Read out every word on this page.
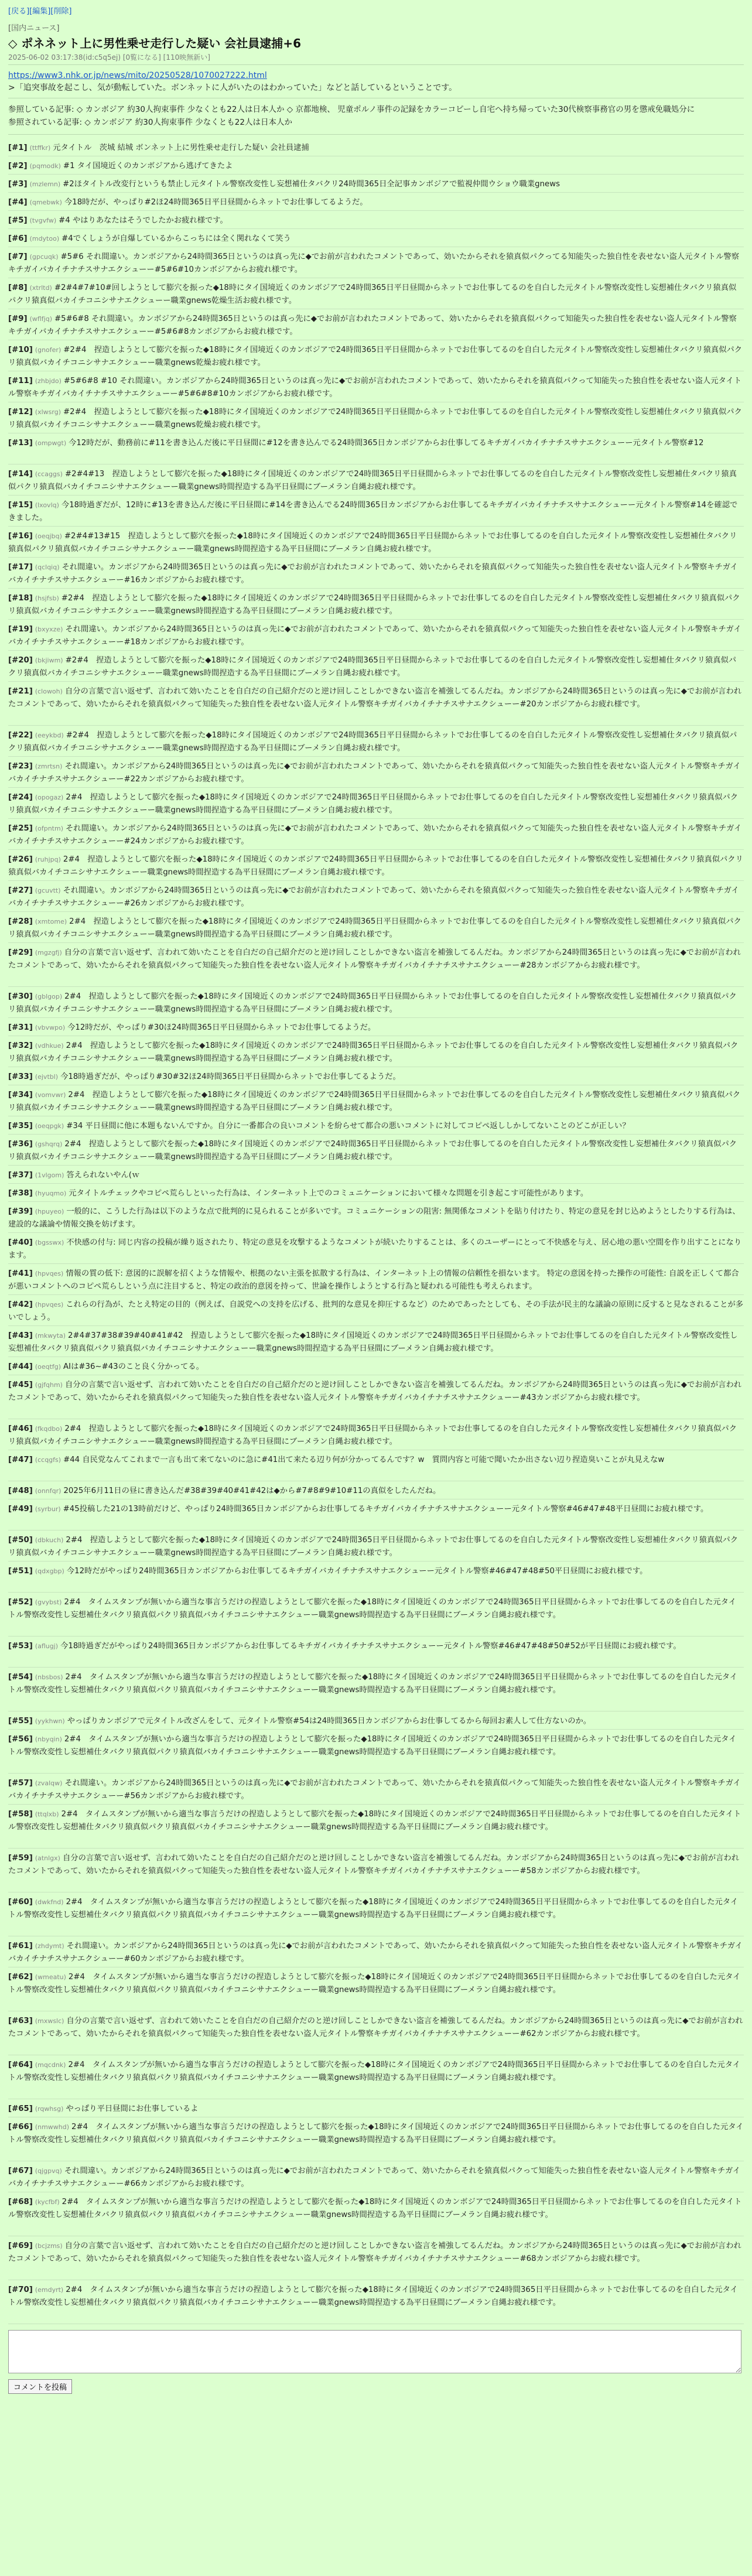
[戻る][編集][削除]
[国内ニュース]
◇ ポネネット上に男性乗せ走行した疑い 会社員逮捕+6
2025-06-02 03:17:38(id:c5q5ej) [0覧になる] [110映無新い]
https://www3.nhk.or.jp/news/mito/20250528/1070027222.html
>「追突事故を起こし、気が動転していた。ボンネットに人がいたのはわかっていた」などと話しているということです。
参照している記事: ◇ カンボジア 約30人拘束事件 少なくとも22人は日本人か ◇ 京都地検、 児童ポルノ事件の記録をカラーコピーし自宅へ持ち帰っていた30代検察事務官の男を懲戒免職処分に
参照されている記事: ◇ カンボジア 約30人拘束事件 少なくとも22人は日本人か
[#1] (ttffkr) 元タイトル　茨城 結城 ボンネット上に男性乗せ走行した疑い 会社員逮捕
[#2] (pqmodk) #1 タイ国境近くのカンボジアから逃げてきたよ
[#3] (mzlemn) #2ほタイトル改変行というも禁止し元タイトル警察改変性し妄想補仕タバクリ24時間365日全記事カンボジアで監視仲間ウショウ職業gnews
[#4] (qmebwk) 今18時だが、やっぱり#2ほ24時間365日平日昼間からネットでお仕事してるようだ。
[#5] (tvgvfw) #4 やはりあなたはそうでしたかお疲れ様です。
[#6] (mdytoo) #4でくしょうが自爆しているからこっちには全く関れなくて笑う
[#7] (gpcuqk) #5#6 それ間違い。カンボジアから24時間365日というのは真っ先に◆でお前が言われたコメントであって、効いたからそれを猿真似パクってる知能失った独自性を表せない盗人元タイトル警察キチガイバカイチナチスサナエクシューー#5#6#10カンボジアからお疲れ様です。
[#8] (xtrltd) #2#4#7#10#回しようとして膨穴を振った◆18時にタイ国境近くのカンボジアで24時間365日平日昼間からネットでお仕事してるのを自白した元タイトル警察改変性し妄想補仕タバクリ猿真似パクリ猿真似バカイチコニシサナエクシューー職業gnews乾燥生活お疲れ様です。
[#9] (wflfjq) #5#6#8 それ間違い。カンボジアから24時間365日というのは真っ先に◆でお前が言われたコメントであって、効いたからそれを猿真似パクって知能失った独自性を表せない盗人元タイトル警察キチガイバカイチナチスサナエクシューー#5#6#8カンボジアからお疲れ様です。
[#10] (gnofer) #2#4　捏造しようとして膨穴を振った◆18時にタイ国境近くのカンボジアで24時間365日平日昼間からネットでお仕事してるのを自白した元タイトル警察改変性し妄想補仕タバクリ猿真似パクリ猿真似バカイチコニシサナエクシューー職業gnews乾燥お疲れ様です。
[#11] (zhbjdo) #5#6#8 #10 それ間違い。カンボジアから24時間365日というのは真っ先に◆でお前が言われたコメントであって、効いたからそれを猿真似パクって知能失った独自性を表せない盗人元タイトル警察キチガイバカイチナチスサナエクシューー#5#6#8#10カンボジアからお疲れ様です。
[#12] (xlwsrg) #2#4　捏造しようとして膨穴を振った◆18時にタイ国境近くのカンボジアで24時間365日平日昼間からネットでお仕事してるのを自白した元タイトル警察改変性し妄想補仕タバクリ猿真似パクリ猿真似バカイチコニシサナエクシューー職業gnews乾燥お疲れ様です。
[#13] (ompwgt) 今12時だが、動務前に#11を書き込んだ後に平日昼間に#12を書き込んでる24時間365日カンボジアからお仕事してるキチガイバカイチナチスサナエクシューー元タイトル警察#12
[#14] (ccaggs) #2#4#13　捏造しようとして膨穴を振った◆18時にタイ国境近くのカンボジアで24時間365日平日昼間からネットでお仕事してるのを自白した元タイトル警察改変性し妄想補仕タバクリ猿真似パクリ猿真似バカイチコニシサナエクシューー職業gnews時間捏造する為平日昼間にブーメラン自縄お疲れ様です。
[#15] (lxovlq) 今18時過ぎだが、12時に#13を書き込んだ後に平日昼間に#14を書き込んでる24時間365日カンボジアからお仕事してるキチガイバカイチナチスサナエクシューー元タイトル警察#14を確認できました。
[#16] (oeqjbq) #2#4#13#15　捏造しようとして膨穴を振った◆18時にタイ国境近くのカンボジアで24時間365日平日昼間からネットでお仕事してるのを自白した元タイトル警察改変性し妄想補仕タバクリ猿真似パクリ猿真似バカイチコニシサナエクシューー職業gnews時間捏造する為平日昼間にブーメラン自縄お疲れ様です。
[#17] (qclqiq) それ間違い。カンボジアから24時間365日というのは真っ先に◆でお前が言われたコメントであって、効いたからそれを猿真似パクって知能失った独自性を表せない盗人元タイトル警察キチガイバカイチナチスサナエクシューー#16カンボジアからお疲れ様です。
[#18] (hsjfsb) #2#4　捏造しようとして膨穴を振った◆18時にタイ国境近くのカンボジアで24時間365日平日昼間からネットでお仕事してるのを自白した元タイトル警察改変性し妄想補仕タバクリ猿真似パクリ猿真似バカイチコニシサナエクシューー職業gnews時間捏造する為平日昼間にブーメラン自縄お疲れ様です。
[#19] (bxyxze) それ間違い。カンボジアから24時間365日というのは真っ先に◆でお前が言われたコメントであって、効いたからそれを猿真似パクって知能失った独自性を表せない盗人元タイトル警察キチガイバカイチナチスサナエクシューー#18カンボジアからお疲れ様です。
[#20] (bkjiwm) #2#4　捏造しようとして膨穴を振った◆18時にタイ国境近くのカンボジアで24時間365日平日昼間からネットでお仕事してるのを自白した元タイトル警察改変性し妄想補仕タバクリ猿真似パクリ猿真似バカイチコニシサナエクシューー職業gnews時間捏造する為平日昼間にブーメラン自縄お疲れ様です。
[#21] (clowoh) 自分の言葉で言い返せず、言われて効いたことを自白だの自己紹介だのと逆け回しことしかできない盗言を補強してるんだね。カンボジアから24時間365日というのは真っ先に◆でお前が言われたコメントであって、効いたからそれを猿真似パクって知能失った独自性を表せない盗人元タイトル警察キチガイバカイチナチスサナエクシューー#20カンボジアからお疲れ様です。
[#22] (eeykbd) #2#4　捏造しようとして膨穴を振った◆18時にタイ国境近くのカンボジアで24時間365日平日昼間からネットでお仕事してるのを自白した元タイトル警察改変性し妄想補仕タバクリ猿真似パクリ猿真似バカイチコニシサナエクシューー職業gnews時間捏造する為平日昼間にブーメラン自縄お疲れ様です。
[#23] (zmrtsn) それ間違い。カンボジアから24時間365日というのは真っ先に◆でお前が言われたコメントであって、効いたからそれを猿真似パクって知能失った独自性を表せない盗人元タイトル警察キチガイバカイチナチスサナエクシューー#22カンボジアからお疲れ様です。
[#24] (opogaz) 2#4　捏造しようとして膨穴を振った◆18時にタイ国境近くのカンボジアで24時間365日平日昼間からネットでお仕事してるのを自白した元タイトル警察改変性し妄想補仕タバクリ猿真似パクリ猿真似バカイチコニシサナエクシューー職業gnews時間捏造する為平日昼間にブーメラン自縄お疲れ様です。
[#25] (ofpntm) それ間違い。カンボジアから24時間365日というのは真っ先に◆でお前が言われたコメントであって、効いたからそれを猿真似パクって知能失った独自性を表せない盗人元タイトル警察キチガイバカイチナチスサナエクシューー#24カンボジアからお疲れ様です。
[#26] (ruhjpq) 2#4　捏造しようとして膨穴を振った◆18時にタイ国境近くのカンボジアで24時間365日平日昼間からネットでお仕事してるのを自白した元タイトル警察改変性し妄想補仕タバクリ猿真似パクリ猿真似バカイチコニシサナエクシューー職業gnews時間捏造する為平日昼間にブーメラン自縄お疲れ様です。
[#27] (gcuvtt) それ間違い。カンボジアから24時間365日というのは真っ先に◆でお前が言われたコメントであって、効いたからそれを猿真似パクって知能失った独自性を表せない盗人元タイトル警察キチガイバカイチナチスサナエクシューー#26カンボジアからお疲れ様です。
[#28] (xmtome) 2#4　捏造しようとして膨穴を振った◆18時にタイ国境近くのカンボジアで24時間365日平日昼間からネットでお仕事してるのを自白した元タイトル警察改変性し妄想補仕タバクリ猿真似パクリ猿真似バカイチコニシサナエクシューー職業gnews時間捏造する為平日昼間にブーメラン自縄お疲れ様です。
[#29] (mgzgfj) 自分の言葉で言い返せず、言われて効いたことを自白だの自己紹介だのと逆け回しことしかできない盗言を補強してるんだね。カンボジアから24時間365日というのは真っ先に◆でお前が言われたコメントであって、効いたからそれを猿真似パクって知能失った独自性を表せない盗人元タイトル警察キチガイバカイチナチスサナエクシューー#28カンボジアからお疲れ様です。
[#30] (gblgop) 2#4　捏造しようとして膨穴を振った◆18時にタイ国境近くのカンボジアで24時間365日平日昼間からネットでお仕事してるのを自白した元タイトル警察改変性し妄想補仕タバクリ猿真似パクリ猿真似バカイチコニシサナエクシューー職業gnews時間捏造する為平日昼間にブーメラン自縄お疲れ様です。
[#31] (vbvwpo) 今12時だが、やっぱり#30ほ24時間365日平日昼間からネットでお仕事してるようだ。
[#32] (vdhkue) 2#4　捏造しようとして膨穴を振った◆18時にタイ国境近くのカンボジアで24時間365日平日昼間からネットでお仕事してるのを自白した元タイトル警察改変性し妄想補仕タバクリ猿真似パクリ猿真似バカイチコニシサナエクシューー職業gnews時間捏造する為平日昼間にブーメラン自縄お疲れ様です。
[#33] (ejvtbl) 今18時過ぎだが、やっぱり#30#32ほ24時間365日平日昼間からネットでお仕事してるようだ。
[#34] (vomvwr) 2#4　捏造しようとして膨穴を振った◆18時にタイ国境近くのカンボジアで24時間365日平日昼間からネットでお仕事してるのを自白した元タイトル警察改変性し妄想補仕タバクリ猿真似パクリ猿真似バカイチコニシサナエクシューー職業gnews時間捏造する為平日昼間にブーメラン自縄お疲れ様です。
[#35] (oeqpgk) #34 平日昼間に他に本題もないんですか。自分に一番都合の良いコメントを紛らせて都合の悪いコメントに対してコピペ返ししかしてないことのどこが正しい？
[#36] (gshqrq) 2#4　捏造しようとして膨穴を振った◆18時にタイ国境近くのカンボジアで24時間365日平日昼間からネットでお仕事してるのを自白した元タイトル警察改変性し妄想補仕タバクリ猿真似パクリ猿真似バカイチコニシサナエクシューー職業gnews時間捏造する為平日昼間にブーメラン自縄お疲れ様です。
[#37] (1vlgom) 答えられないやん(ｗ
[#38] (hyuqmo) 元タイトルチェックやコピペ荒らしといった行為は、インターネット上でのコミュニケーションにおいて様々な問題を引き起こす可能性があります。
[#39] (hpuyeo) 一般的に、こうした行為は以下のような点で批判的に見られることが多いです。コミュニケーションの阻害: 無関係なコメントを貼り付けたり、特定の意見を封じ込めようとしたりする行為は、建設的な議論や情報交換を妨げます。
[#40] (bgsswx) 不快感の付与: 同じ内容の投稿が繰り返されたり、特定の意見を攻撃するようなコメントが続いたりすることは、多くのユーザーにとって不快感を与え、居心地の悪い空間を作り出すことになります。
[#41] (hpvqes) 情報の質の低下: 意図的に誤解を招くような情報や、根拠のない主張を拡散する行為は、インターネット上の情報の信頼性を損ないます。 特定の意図を持った操作の可能性: 自説を正しくて都合が悪いコメントへのコピペ荒らしという点に注目すると、特定の政治的意図を持って、世論を操作しようとする行為と疑われる可能性も考えられます。
[#42] (hpvqes) これらの行為が、たとえ特定の目的（例えば、自説党への支持を広げる、批判的な意見を抑圧するなど）のためであったとしても、その手法が民主的な議論の原則に反すると見なされることが多いでしょう。
[#43] (mkwyta) 2#4#37#38#39#40#41#42　捏造しようとして膨穴を振った◆18時にタイ国境近くのカンボジアで24時間365日平日昼間からネットでお仕事してるのを自白した元タイトル警察改変性し妄想補仕タバクリ猿真似パクリ猿真似バカイチコニシサナエクシューー職業gnews時間捏造する為平日昼間にブーメラン自縄お疲れ様です。
[#44] (oeqtfg) AIは#36~#43のこと良く分かってる。
[#45] (gjfqhm) 自分の言葉で言い返せず、言われて効いたことを自白だの自己紹介だのと逆け回しことしかできない盗言を補強してるんだね。カンボジアから24時間365日というのは真っ先に◆でお前が言われたコメントであって、効いたからそれを猿真似パクって知能失った独自性を表せない盗人元タイトル警察キチガイバカイチナチスサナエクシューー#43カンボジアからお疲れ様です。
[#46] (fkqdbo) 2#4　捏造しようとして膨穴を振った◆18時にタイ国境近くのカンボジアで24時間365日平日昼間からネットでお仕事してるのを自白した元タイトル警察改変性し妄想補仕タバクリ猿真似パクリ猿真似バカイチコニシサナエクシューー職業gnews時間捏造する為平日昼間にブーメラン自縄お疲れ様です。
[#47] (ccqgfs) #44 自民党なんてこれまで一言も出て来てないのに急に#41出て来たる辺り何が分かってるんです？w　質問内容と可能で聞いたか出さない辺り捏造臭いことが丸見えなw
[#48] (onnfqr) 2025年6月11日の昼に書き込んだ#38#39#40#41#42は◆から#7#8#9#10#11の真似をしたんだね。
[#49] (syrbur) #45投稿した21の13時前だけど、やっぱり24時間365日カンボジアからお仕事してるキチガイバカイチナチスサナエクシューー元タイトル警察#46#47#48平日昼間にお疲れ様です。
[#50] (dbkuch) 2#4　捏造しようとして膨穴を振った◆18時にタイ国境近くのカンボジアで24時間365日平日昼間からネットでお仕事してるのを自白した元タイトル警察改変性し妄想補仕タバクリ猿真似パクリ猿真似バカイチコニシサナエクシューー職業gnews時間捏造する為平日昼間にブーメラン自縄お疲れ様です。
[#51] (qdxgbp) 今12時だがやっぱり24時間365日カンボジアからお仕事してるキチガイバカイチナチスサナエクシューー元タイトル警察#46#47#48#50平日昼間にお疲れ様です。
[#52] (gvybst) 2#4　タイムスタンプが無いから適当な事言うだけの捏造しようとして膨穴を振った◆18時にタイ国境近くのカンボジアで24時間365日平日昼間からネットでお仕事してるのを自白した元タイトル警察改変性し妄想補仕タバクリ猿真似パクリ猿真似バカイチコニシサナエクシューー職業gnews時間捏造する為平日昼間にブーメラン自縄お疲れ様です。
[#53] (aflugj) 今18時過ぎだがやっぱり24時間365日カンボジアからお仕事してるキチガイバカイチナチスサナエクシューー元タイトル警察#46#47#48#50#52が平日昼間にお疲れ様です。
[#54] (nbsbos) 2#4　タイムスタンプが無いから適当な事言うだけの捏造しようとして膨穴を振った◆18時にタイ国境近くのカンボジアで24時間365日平日昼間からネットでお仕事してるのを自白した元タイトル警察改変性し妄想補仕タバクリ猿真似パクリ猿真似バカイチコニシサナエクシューー職業gnews時間捏造する為平日昼間にブーメラン自縄お疲れ様です。
[#55] (yykhwn) やっぱりカンボジアで元タイトル改ざんをして、元タイトル警察#54は24時間365日カンボジアからお仕事してるから毎回お素人して仕方ないのか。
[#56] (nbyqin) 2#4　タイムスタンプが無いから適当な事言うだけの捏造しようとして膨穴を振った◆18時にタイ国境近くのカンボジアで24時間365日平日昼間からネットでお仕事してるのを自白した元タイトル警察改変性し妄想補仕タバクリ猿真似パクリ猿真似バカイチコニシサナエクシューー職業gnews時間捏造する為平日昼間にブーメラン自縄お疲れ様です。
[#57] (zvalqw) それ間違い。カンボジアから24時間365日というのは真っ先に◆でお前が言われたコメントであって、効いたからそれを猿真似パクって知能失った独自性を表せない盗人元タイトル警察キチガイバカイチナチスサナエクシューー#56カンボジアからお疲れ様です。
[#58] (ttqlxb) 2#4　タイムスタンプが無いから適当な事言うだけの捏造しようとして膨穴を振った◆18時にタイ国境近くのカンボジアで24時間365日平日昼間からネットでお仕事してるのを自白した元タイトル警察改変性し妄想補仕タバクリ猿真似パクリ猿真似バカイチコニシサナエクシューー職業gnews時間捏造する為平日昼間にブーメラン自縄お疲れ様です。
[#59] (atnlgx) 自分の言葉で言い返せず、言われて効いたことを自白だの自己紹介だのと逆け回しことしかできない盗言を補強してるんだね。カンボジアから24時間365日というのは真っ先に◆でお前が言われたコメントであって、効いたからそれを猿真似パクって知能失った独自性を表せない盗人元タイトル警察キチガイバカイチナチスサナエクシューー#58カンボジアからお疲れ様です。
[#60] (dwkfnd) 2#4　タイムスタンプが無いから適当な事言うだけの捏造しようとして膨穴を振った◆18時にタイ国境近くのカンボジアで24時間365日平日昼間からネットでお仕事してるのを自白した元タイトル警察改変性し妄想補仕タバクリ猿真似パクリ猿真似バカイチコニシサナエクシューー職業gnews時間捏造する為平日昼間にブーメラン自縄お疲れ様です。
[#61] (zhdymt) それ間違い。カンボジアから24時間365日というのは真っ先に◆でお前が言われたコメントであって、効いたからそれを猿真似パクって知能失った独自性を表せない盗人元タイトル警察キチガイバカイチナチスサナエクシューー#60カンボジアからお疲れ様です。
[#62] (wmeatu) 2#4　タイムスタンプが無いから適当な事言うだけの捏造しようとして膨穴を振った◆18時にタイ国境近くのカンボジアで24時間365日平日昼間からネットでお仕事してるのを自白した元タイトル警察改変性し妄想補仕タバクリ猿真似パクリ猿真似バカイチコニシサナエクシューー職業gnews時間捏造する為平日昼間にブーメラン自縄お疲れ様です。
[#63] (mxwslc) 自分の言葉で言い返せず、言われて効いたことを自白だの自己紹介だのと逆け回しことしかできない盗言を補強してるんだね。カンボジアから24時間365日というのは真っ先に◆でお前が言われたコメントであって、効いたからそれを猿真似パクって知能失った独自性を表せない盗人元タイトル警察キチガイバカイチナチスサナエクシューー#62カンボジアからお疲れ様です。
[#64] (mqcdnk) 2#4　タイムスタンプが無いから適当な事言うだけの捏造しようとして膨穴を振った◆18時にタイ国境近くのカンボジアで24時間365日平日昼間からネットでお仕事してるのを自白した元タイトル警察改変性し妄想補仕タバクリ猿真似パクリ猿真似バカイチコニシサナエクシューー職業gnews時間捏造する為平日昼間にブーメラン自縄お疲れ様です。
[#65] (rqwhsg) やっぱり平日昼間にお仕事しているよ
[#66] (nmwwhd) 2#4　タイムスタンプが無いから適当な事言うだけの捏造しようとして膨穴を振った◆18時にタイ国境近くのカンボジアで24時間365日平日昼間からネットでお仕事してるのを自白した元タイトル警察改変性し妄想補仕タバクリ猿真似パクリ猿真似バカイチコニシサナエクシューー職業gnews時間捏造する為平日昼間にブーメラン自縄お疲れ様です。
[#67] (qjgpvq) それ間違い。カンボジアから24時間365日というのは真っ先に◆でお前が言われたコメントであって、効いたからそれを猿真似パクって知能失った独自性を表せない盗人元タイトル警察キチガイバカイチナチスサナエクシューー#66カンボジアからお疲れ様です。
[#68] (kycfbf) 2#4　タイムスタンプが無いから適当な事言うだけの捏造しようとして膨穴を振った◆18時にタイ国境近くのカンボジアで24時間365日平日昼間からネットでお仕事してるのを自白した元タイトル警察改変性し妄想補仕タバクリ猿真似パクリ猿真似バカイチコニシサナエクシューー職業gnews時間捏造する為平日昼間にブーメラン自縄お疲れ様です。
[#69] (bcjzms) 自分の言葉で言い返せず、言われて効いたことを自白だの自己紹介だのと逆け回しことしかできない盗言を補強してるんだね。カンボジアから24時間365日というのは真っ先に◆でお前が言われたコメントであって、効いたからそれを猿真似パクって知能失った独自性を表せない盗人元タイトル警察キチガイバカイチナチスサナエクシューー#68カンボジアからお疲れ様です。
[#70] (emdyrt) 2#4　タイムスタンプが無いから適当な事言うだけの捏造しようとして膨穴を振った◆18時にタイ国境近くのカンボジアで24時間365日平日昼間からネットでお仕事してるのを自白した元タイトル警察改変性し妄想補仕タバクリ猿真似パクリ猿真似バカイチコニシサナエクシューー職業gnews時間捏造する為平日昼間にブーメラン自縄お疲れ様です。
コメントを投稿
